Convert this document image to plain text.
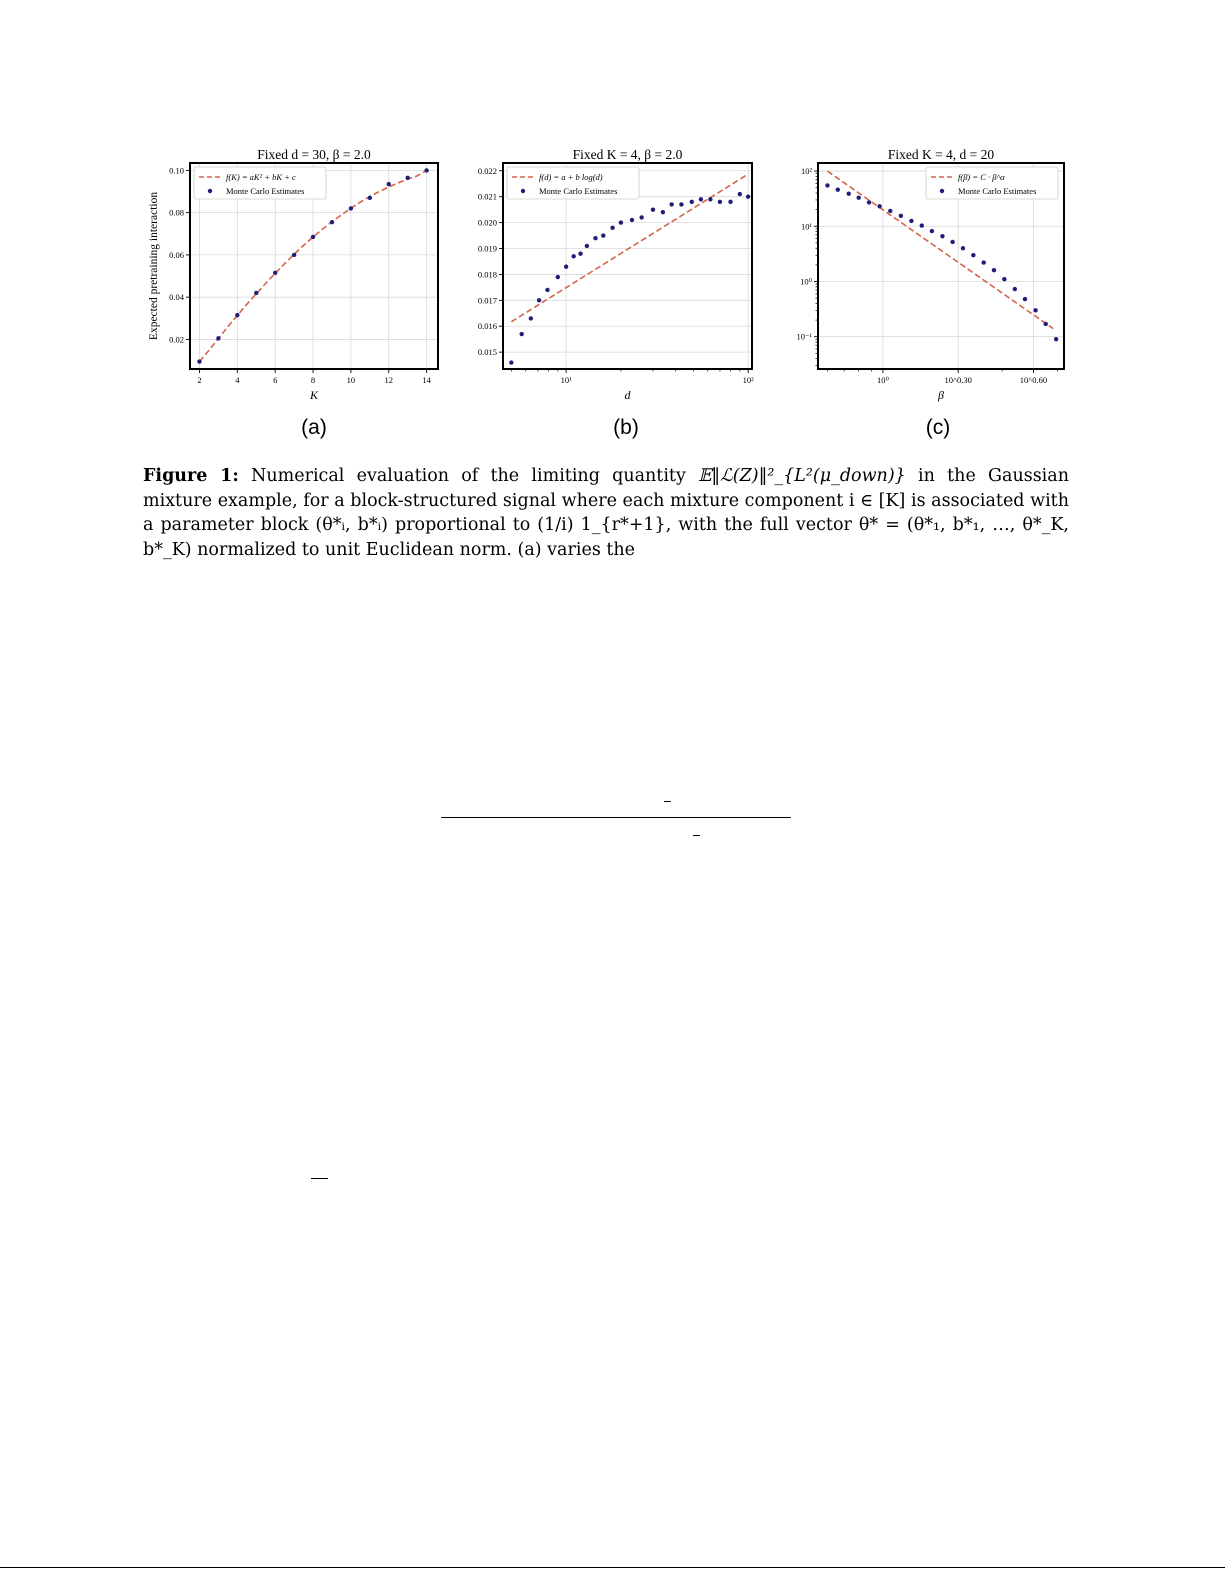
2	4	6	8	10	12	14
0.02
0.04
0.06
0.08
0.10
Fixed d = 30, β = 2.0
K
Expected pretraining interaction
f(K) = aK² + bK + c
Monte Carlo Estimates
(a)
10¹	10²
0.015
0.016
0.017
0.018
0.019
0.020
0.021
0.022
Fixed K = 4, β = 2.0
d
f(d) = a + b log(d)
Monte Carlo Estimates
(b)
10⁰	10^0.30	10^0.60
10⁻¹
10⁰
10¹
10²
Fixed K = 4, d = 20
β
f(β) = C · β^α
Monte Carlo Estimates
(c)
Figure 1: Numerical evaluation of the limiting quantity 𝔼‖ℒ(Z)‖²_{L²(μ_down)} in the Gaussian mixture example, for a block-structured signal where each mixture component i ∈ [K] is associated with a parameter block (θ*ᵢ, b*ᵢ) proportional to (1/i) 1_{r*+1}, with the full vector θ* = (θ*₁, b*₁, …, θ*_K, b*_K) normalized to unit Euclidean norm. (a) varies the
